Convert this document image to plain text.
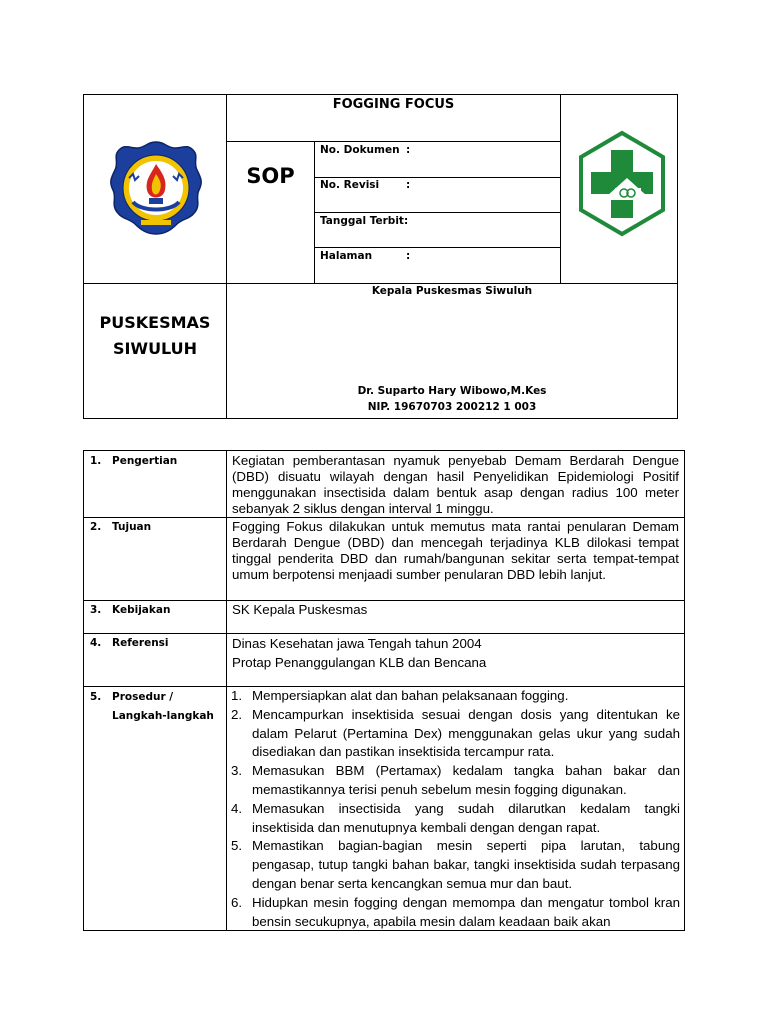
FOGGING FOCUS
SOP
No. Dokumen :
No. Revisi	:
Tanggal Terbit:
Halaman	:
PUSKESMAS
SIWULUH
Kepala Puskesmas Siwuluh
Dr. Suparto Hary Wibowo,M.Kes
NIP. 19670703 200212 1 003
1. Pengertian	Kegiatan pemberantasan nyamuk penyebab Demam Berdarah Dengue (DBD) disuatu wilayah dengan hasil Penyelidikan Epidemiologi Positif menggunakan insectisida dalam bentuk asap dengan radius 100 meter sebanyak 2 siklus dengan interval 1 minggu.
2. Tujuan	Fogging Fokus dilakukan untuk memutus mata rantai penularan Demam Berdarah Dengue (DBD) dan mencegah terjadinya KLB dilokasi tempat tinggal penderita DBD dan rumah/bangunan sekitar serta tempat-tempat umum berpotensi menjaadi sumber penularan DBD lebih lanjut.
3. Kebijakan	SK Kepala Puskesmas
4. Referensi	Dinas Kesehatan jawa Tengah tahun 2004
Protap Penanggulangan KLB dan Bencana
5. Prosedur /
Langkah-langkah
1. Mempersiapkan alat dan bahan pelaksanaan fogging.
2. Mencampurkan insektisida sesuai dengan dosis yang ditentukan ke dalam Pelarut (Pertamina Dex) menggunakan gelas ukur yang sudah disediakan dan pastikan insektisida tercampur rata.
3. Memasukan BBM (Pertamax) kedalam tangka bahan bakar dan memastikannya terisi penuh sebelum mesin fogging digunakan.
4. Memasukan insectisida yang sudah dilarutkan kedalam tangki insektisida dan menutupnya kembali dengan dengan rapat.
5. Memastikan bagian-bagian mesin seperti pipa larutan, tabung pengasap, tutup tangki bahan bakar, tangki insektisida sudah terpasang dengan benar serta kencangkan semua mur dan baut.
6. Hidupkan mesin fogging dengan memompa dan mengatur tombol kran bensin secukupnya, apabila mesin dalam keadaan baik akan
